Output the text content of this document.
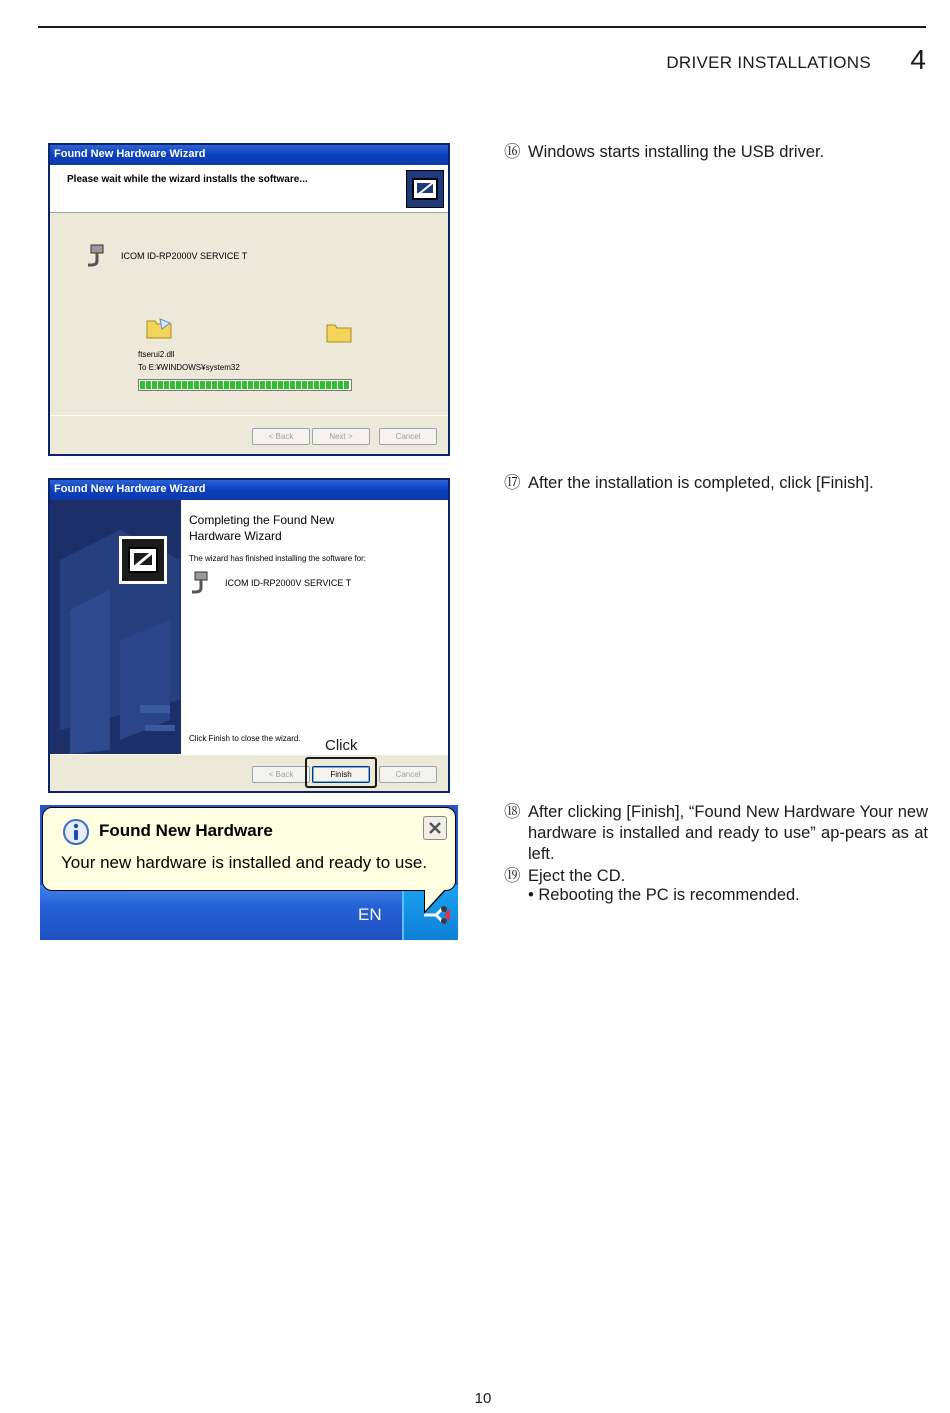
DRIVER INSTALLATIONS 4
Found New Hardware Wizard
Please wait while the wizard installs the software...
ICOM ID-RP2000V SERVICE T
ftserui2.dll
To E:¥WINDOWS¥system32
< Back	Next >	Cancel
Found New Hardware Wizard
Completing the Found New Hardware Wizard
The wizard has finished installing the software for:
ICOM ID-RP2000V SERVICE T
Click Finish to close the wizard.
< Back	Finish	Cancel
Click
EN
Found New Hardware
Your new hardware is installed and ready to use.
⑯ Windows starts installing the USB driver.
⑰ After the installation is completed, click [Finish].
⑱ After clicking [Finish], “Found New Hardware Your new hardware is installed and ready to use” ap-pears as at left.
⑲ Eject the CD.
• Rebooting the PC is recommended.
10
